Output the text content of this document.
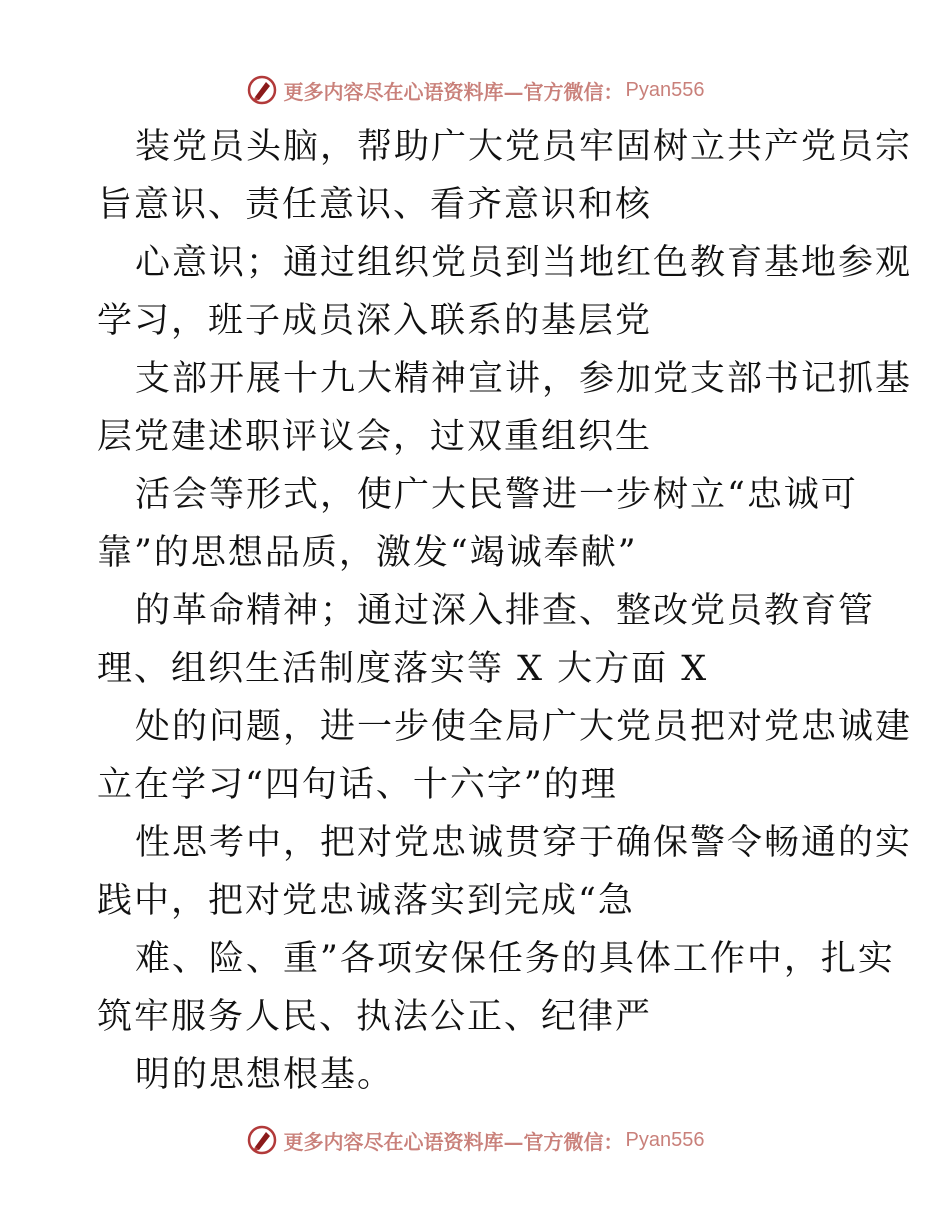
更多内容尽在心语资料库—官方微信： Pyan556
装党员头脑，帮助广大党员牢固树立共产党员宗
旨意识、责任意识、看齐意识和核
心意识；通过组织党员到当地红色教育基地参观
学习，班子成员深入联系的基层党
支部开展十九大精神宣讲，参加党支部书记抓基
层党建述职评议会，过双重组织生
活会等形式，使广大民警进一步树立“忠诚可
靠”的思想品质，激发“竭诚奉献”
的革命精神；通过深入排查、整改党员教育管
理、组织生活制度落实等 X 大方面 X
处的问题，进一步使全局广大党员把对党忠诚建
立在学习“四句话、十六字”的理
性思考中，把对党忠诚贯穿于确保警令畅通的实
践中，把对党忠诚落实到完成“急
难、险、重”各项安保任务的具体工作中，扎实
筑牢服务人民、执法公正、纪律严
明的思想根基。
更多内容尽在心语资料库—官方微信： Pyan556
